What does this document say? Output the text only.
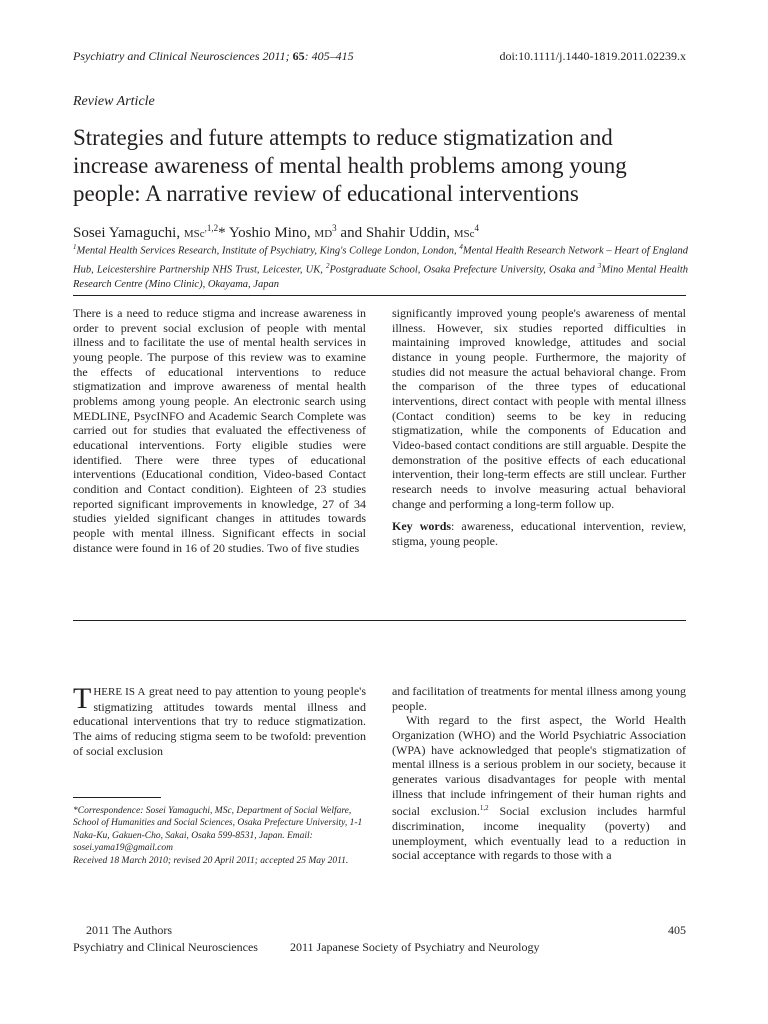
Psychiatry and Clinical Neurosciences 2011; 65: 405–415	doi:10.1111/j.1440-1819.2011.02239.x
Review Article
Strategies and future attempts to reduce stigmatization and increase awareness of mental health problems among young people: A narrative review of educational interventions
Sosei Yamaguchi, MSc$^{,1,2}$* Yoshio Mino, $MD^3$ and Shahir Uddin, MSc$^4$
$^1$Mental Health Services Research, Institute of Psychiatry, King's College London, London, $^4$Mental Health Research Network – Heart of England Hub, Leicestershire Partnership NHS Trust, Leicester, UK, $^2$Postgraduate School, Osaka Prefecture University, Osaka and $^3$Mino Mental Health Research Centre (Mino Clinic), Okayama, Japan
There is a need to reduce stigma and increase awareness in order to prevent social exclusion of people with mental illness and to facilitate the use of mental health services in young people. The purpose of this review was to examine the effects of educational interventions to reduce stigmatization and improve awareness of mental health problems among young people. An electronic search using MEDLINE, PsycINFO and Academic Search Complete was carried out for studies that evaluated the effectiveness of educational interventions. Forty eligible studies were identified. There were three types of educational interventions (Educational condition, Video-based Contact condition and Contact condition). Eighteen of 23 studies reported significant improvements in knowledge, 27 of 34 studies yielded significant changes in attitudes towards people with mental illness. Significant effects in social distance were found in 16 of 20 studies. Two of five studies
significantly improved young people's awareness of mental illness. However, six studies reported difficulties in maintaining improved knowledge, attitudes and social distance in young people. Furthermore, the majority of studies did not measure the actual behavioral change. From the comparison of the three types of educational interventions, direct contact with people with mental illness (Contact condition) seems to be key in reducing stigmatization, while the components of Education and Video-based contact conditions are still arguable. Despite the demonstration of the positive effects of each educational intervention, their long-term effects are still unclear. Further research needs to involve measuring actual behavioral change and performing a long-term follow up.
Key words: awareness, educational intervention, review, stigma, young people.
THERE IS A great need to pay attention to young people's stigmatizing attitudes towards mental illness and educational interventions that try to reduce stigmatization. The aims of reducing stigma seem to be twofold: prevention of social exclusion
*Correspondence: Sosei Yamaguchi, MSc, Department of Social Welfare, School of Humanities and Social Sciences, Osaka Prefecture University, 1-1 Naka-Ku, Gakuen-Cho, Sakai, Osaka 599-8531, Japan. Email: sosei.yama19@gmail.com
Received 18 March 2010; revised 20 April 2011; accepted 25 May 2011.
and facilitation of treatments for mental illness among young people.
With regard to the first aspect, the World Health Organization (WHO) and the World Psychiatric Association (WPA) have acknowledged that people's stigmatization of mental illness is a serious problem in our society, because it generates various disadvantages for people with mental illness that include infringement of their human rights and social exclusion.$^{1,2}$ Social exclusion includes harmful discrimination, income inequality (poverty) and unemployment, which eventually lead to a reduction in social acceptance with regards to those with a
2011 The Authors
Psychiatry and Clinical Neurosciences	2011 Japanese Society of Psychiatry and Neurology
405
